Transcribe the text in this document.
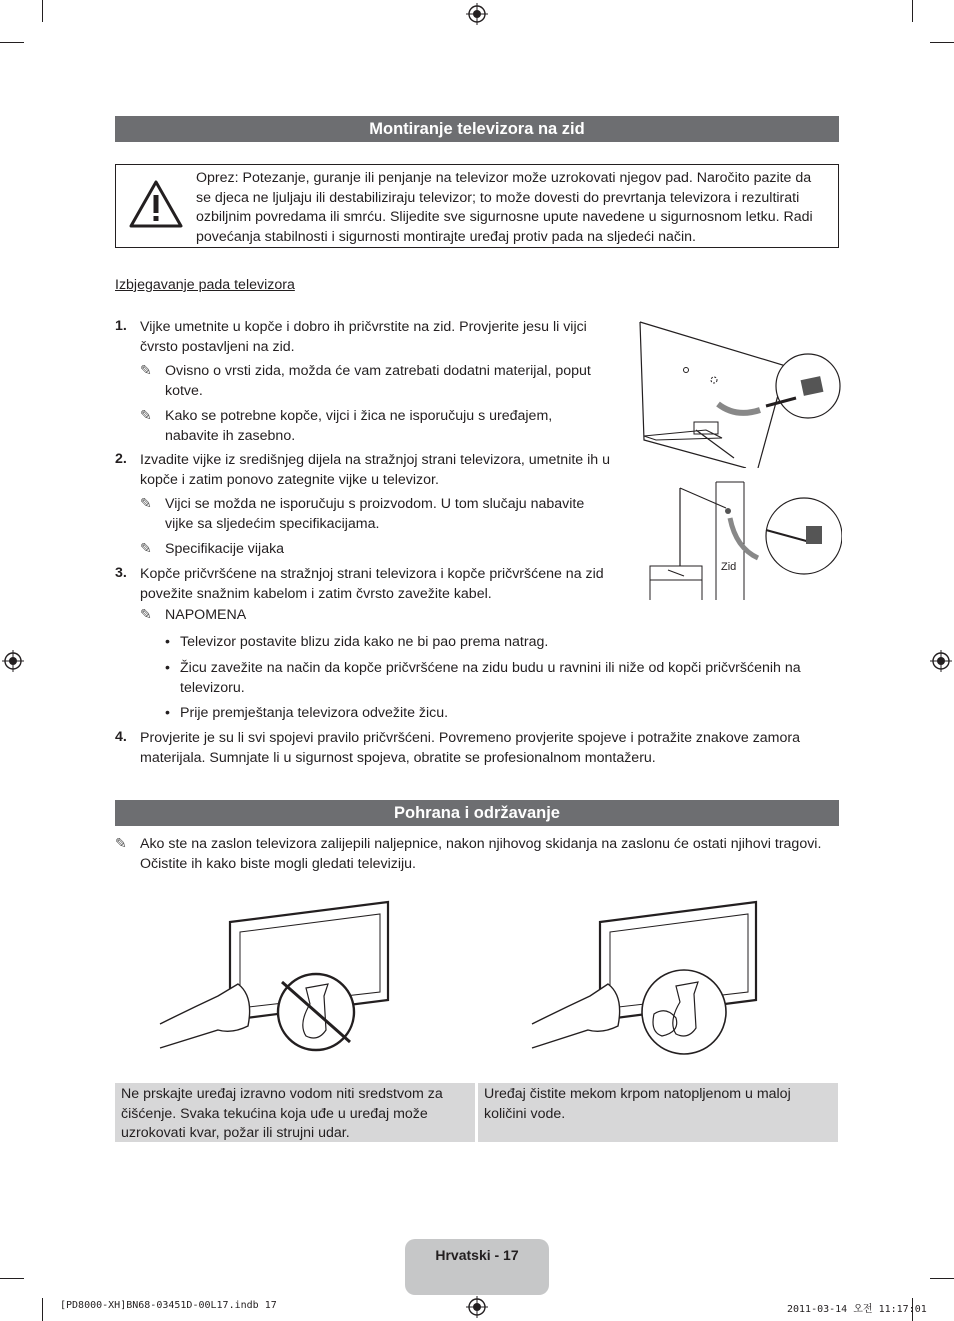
Montiranje televizora na zid
Oprez: Potezanje, guranje ili penjanje na televizor može uzrokovati njegov pad. Naročito pazite da se djeca ne ljuljaju ili destabiliziraju televizor; to može dovesti do prevrtanja televizora i rezultirati ozbiljnim povredama ili smrću. Slijedite sve sigurnosne upute navedene u sigurnosnom letku. Radi povećanja stabilnosti i sigurnosti montirajte uređaj protiv pada na sljedeći način.
Izbjegavanje pada televizora
1. Vijke umetnite u kopče i dobro ih pričvrstite na zid. Provjerite jesu li vijci čvrsto postavljeni na zid.
✎ Ovisno o vrsti zida, možda će vam zatrebati dodatni materijal, poput kotve.
✎ Kako se potrebne kopče, vijci i žica ne isporučuju s uređajem, nabavite ih zasebno.
2. Izvadite vijke iz središnjeg dijela na stražnjoj strani televizora, umetnite ih u kopče i zatim ponovo zategnite vijke u televizor.
✎ Vijci se možda ne isporučuju s proizvodom. U tom slučaju nabavite vijke sa sljedećim specifikacijama.
✎ Specifikacije vijaka
3. Kopče pričvršćene na stražnjoj strani televizora i kopče pričvršćene na zid povežite snažnim kabelom i zatim čvrsto zavežite kabel.
✎ NAPOMENA
• Televizor postavite blizu zida kako ne bi pao prema natrag.
• Žicu zavežite na način da kopče pričvršćene na zidu budu u ravnini ili niže od kopči pričvršćenih na televizoru.
• Prije premještanja televizora odvežite žicu.
4. Provjerite je su li svi spojevi pravilo pričvršćeni. Povremeno provjerite spojeve i potražite znakove zamora materijala. Sumnjate li u sigurnost spojeva, obratite se profesionalnom montažeru.
Zid
Pohrana i održavanje
✎ Ako ste na zaslon televizora zalijepili naljepnice, nakon njihovog skidanja na zaslonu će ostati njihovi tragovi. Očistite ih kako biste mogli gledati televiziju.
Ne prskajte uređaj izravno vodom niti sredstvom za čišćenje. Svaka tekućina koja uđe u uređaj može uzrokovati kvar, požar ili strujni udar.
Uređaj čistite mekom krpom natopljenom u maloj količini vode.
Hrvatski - 17
[PD8000-XH]BN68-03451D-00L17.indb 17	2011-03-14 오전 11:17:01
